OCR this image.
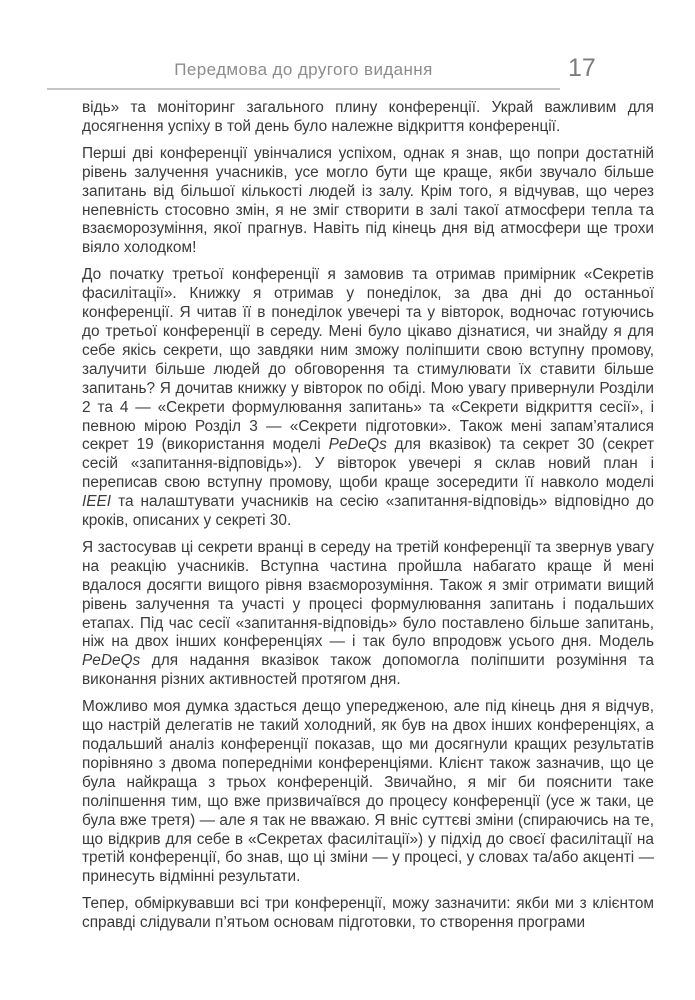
Передмова до другого видання	17

відь» та моніторинг загального плину конференції. Украй важливим для досягнення успіху в той день було належне відкриття конференції.

Перші дві конференції увінчалися успіхом, однак я знав, що попри достатній рівень залучення учасників, усе могло бути ще краще, якби звучало більше запитань від більшої кількості людей із залу. Крім того, я відчував, що через непевність стосовно змін, я не зміг створити в залі такої атмосфери тепла та взаєморозуміння, якої прагнув. Навіть під кінець дня від атмосфери ще трохи віяло холодком!

До початку третьої конференції я замовив та отримав примірник «Секретів фасилітації». Книжку я отримав у понеділок, за два дні до останньої конференції. Я читав її в понеділок увечері та у вівторок, водночас готуючись до третьої конференції в середу. Мені було цікаво дізнатися, чи знайду я для себе якісь секрети, що завдяки ним зможу поліпшити свою вступну промову, залучити більше людей до обговорення та стимулювати їх ставити більше запитань? Я дочитав книжку у вівторок по обіді. Мою увагу привернули Розділи 2 та 4 — «Секрети формулювання запитань» та «Секрети відкриття сесії», і певною мірою Розділ 3 — «Секрети підготовки». Також мені запам’яталися секрет 19 (використання моделі PeDeQs для вказівок) та секрет 30 (секрет сесій «запитання-відповідь»). У вівторок увечері я склав новий план і переписав свою вступну промову, щоби краще зосередити її навколо моделі IEEI та налаштувати учасників на сесію «запитання-відповідь» відповідно до кроків, описаних у секреті 30.

Я застосував ці секрети вранці в середу на третій конференції та звернув увагу на реакцію учасників. Вступна частина пройшла набагато краще й мені вдалося досягти вищого рівня взаєморозуміння. Також я зміг отримати вищий рівень залучення та участі у процесі формулювання запитань і подальших етапах. Під час сесії «запитання-відповідь» було поставлено більше запитань, ніж на двох інших конференціях — і так було впродовж усього дня. Модель PeDeQs для надання вказівок також допомогла поліпшити розуміння та виконання різних активностей протягом дня.

Можливо моя думка здасться дещо упередженою, але під кінець дня я відчув, що настрій делегатів не такий холодний, як був на двох інших конференціях, а подальший аналіз конференції показав, що ми досягнули кращих результатів порівняно з двома попередніми конференціями. Клієнт також зазначив, що це була найкраща з трьох конференцій. Звичайно, я міг би пояснити таке поліпшення тим, що вже призвичаївся до процесу конференції (усе ж таки, це була вже третя) — але я так не вважаю. Я вніс суттєві зміни (спираючись на те, що відкрив для себе в «Секретах фасилітації») у підхід до своєї фасилітації на третій конференції, бо знав, що ці зміни — у процесі, у словах та/або акценті — принесуть відмінні результати.

Тепер, обміркувавши всі три конференції, можу зазначити: якби ми з клієнтом справді слідували п’ятьом основам підготовки, то створення програми
